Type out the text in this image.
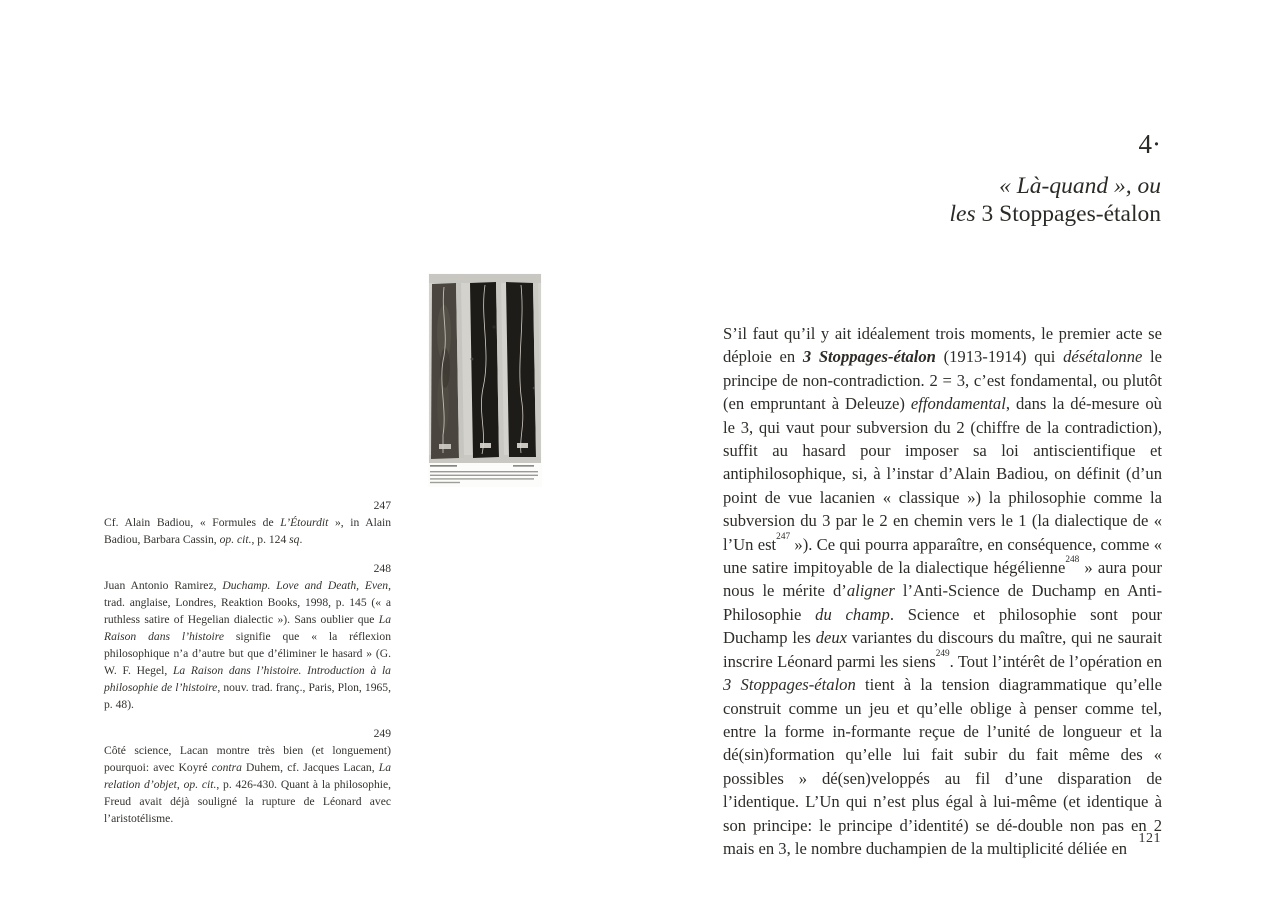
247
Cf. Alain Badiou, « Formules de L’Étourdit », in Alain Badiou, Barbara Cassin, op. cit., p. 124 sq.
248
Juan Antonio Ramirez, Duchamp. Love and Death, Even, trad. anglaise, Londres, Reaktion Books, 1998, p. 145 (« a ruthless satire of Hegelian dialectic »). Sans oublier que La Raison dans l’histoire signifie que « la réflexion philosophique n’a d’autre but que d’éliminer le hasard » (G. W. F. Hegel, La Raison dans l’histoire. Introduction à la philosophie de l’histoire, nouv. trad. franç., Paris, Plon, 1965, p. 48).
249
Côté science, Lacan montre très bien (et longuement) pourquoi: avec Koyré contra Duhem, cf. Jacques Lacan, La relation d’objet, op. cit., p. 426-430. Quant à la philosophie, Freud avait déjà souligné la rupture de Léonard avec l’aristotélisme.
4·
« Là-quand », ou
les 3 Stoppages-étalon
S’il faut qu’il y ait idéalement trois moments, le premier acte se déploie en 3 Stoppages-étalon (1913-1914) qui désétalonne le principe de non-contradiction. 2 = 3, c’est fondamental, ou plutôt (en empruntant à Deleuze) effondamental, dans la dé-mesure où le 3, qui vaut pour subversion du 2 (chiffre de la contradiction), suffit au hasard pour imposer sa loi antiscientifique et antiphilosophique, si, à l’instar d’Alain Badiou, on définit (d’un point de vue lacanien « classique ») la philosophie comme la subversion du 3 par le 2 en chemin vers le 1 (la dialectique de « l’Un est$^{247}$ »). Ce qui pourra apparaître, en conséquence, comme « une satire impitoyable de la dialectique hégélienne$^{248}$ » aura pour nous le mérite d’aligner l’Anti-Science de Duchamp en Anti-Philosophie du champ. Science et philosophie sont pour Duchamp les deux variantes du discours du maître, qui ne saurait inscrire Léonard parmi les siens$^{249}$. Tout l’intérêt de l’opération en 3 Stoppages-étalon tient à la tension diagrammatique qu’elle construit comme un jeu et qu’elle oblige à penser comme tel, entre la forme in-formante reçue de l’unité de longueur et la dé(sin)formation qu’elle lui fait subir du fait même des « possibles » dé(sen)veloppés au fil d’une disparation de l’identique. L’Un qui n’est plus égal à lui-même (et identique à son principe: le principe d’identité) se dé-double non pas en 2 mais en 3, le nombre duchampien de la multiplicité déliée en
121
